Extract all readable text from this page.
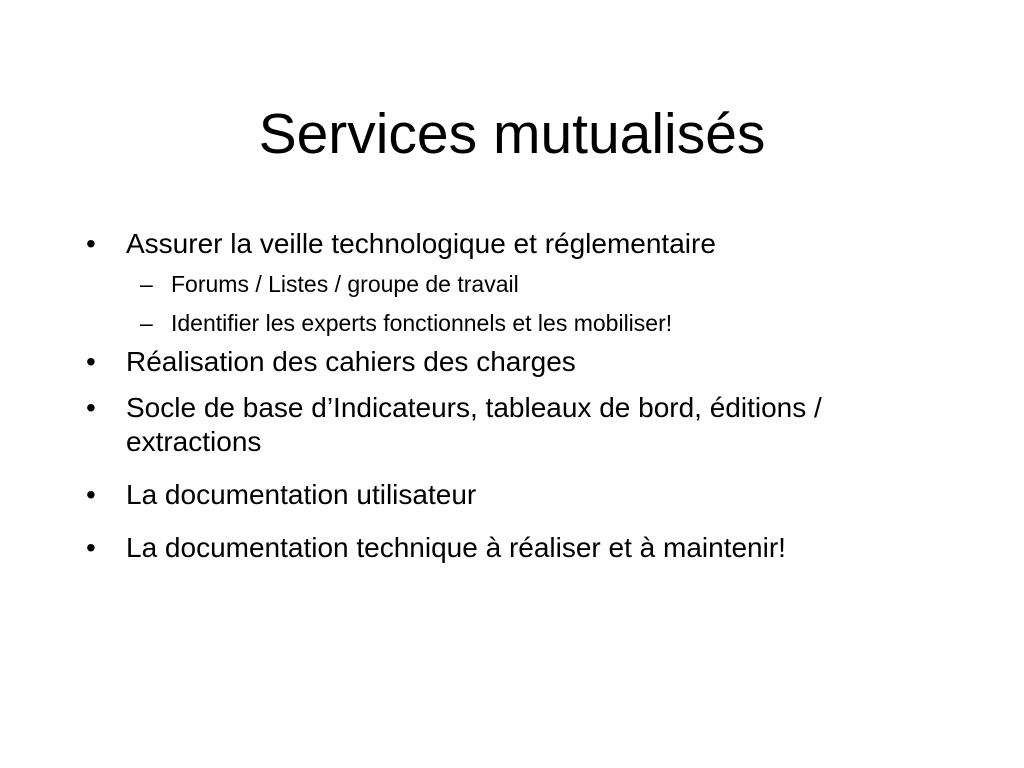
Services mutualisés
•	Assurer la veille technologique et réglementaire
– Forums / Listes / groupe de travail
– Identifier les experts fonctionnels et les mobiliser!
•	Réalisation des cahiers des charges
•	Socle de base d’Indicateurs, tableaux de bord, éditions / extractions
•	La documentation utilisateur
•	La documentation technique à réaliser et à maintenir!
